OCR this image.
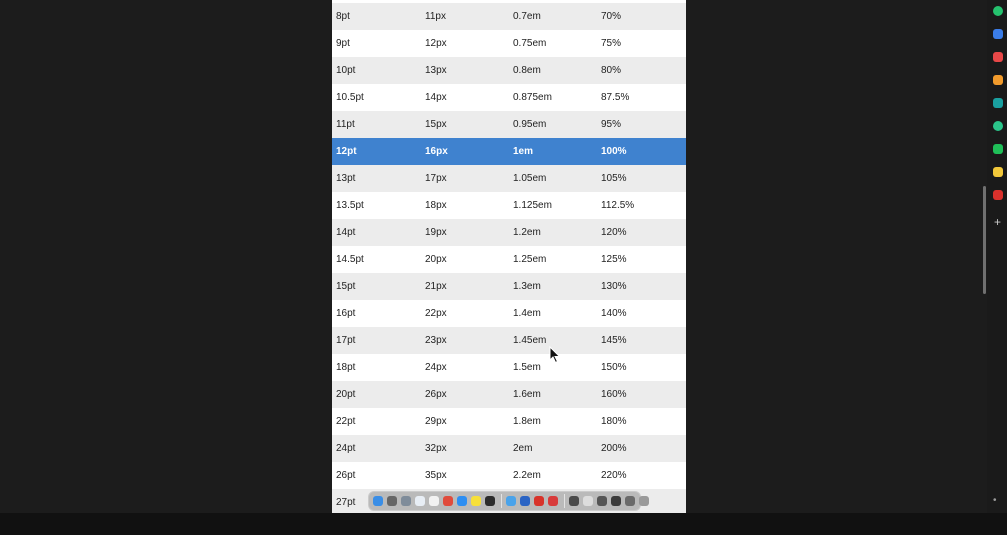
8pt	11px	0.7em	70%
9pt	12px	0.75em	75%
10pt	13px	0.8em	80%
10.5pt	14px	0.875em	87.5%
11pt	15px	0.95em	95%
12pt	16px	1em	100%
13pt	17px	1.05em	105%
13.5pt	18px	1.125em	112.5%
14pt	19px	1.2em	120%
14.5pt	20px	1.25em	125%
15pt	21px	1.3em	130%
16pt	22px	1.4em	140%
17pt	23px	1.45em	145%
18pt	24px	1.5em	150%
20pt	26px	1.6em	160%
22pt	29px	1.8em	180%
24pt	32px	2em	200%
26pt	35px	2.2em	220%
27pt
+
•
